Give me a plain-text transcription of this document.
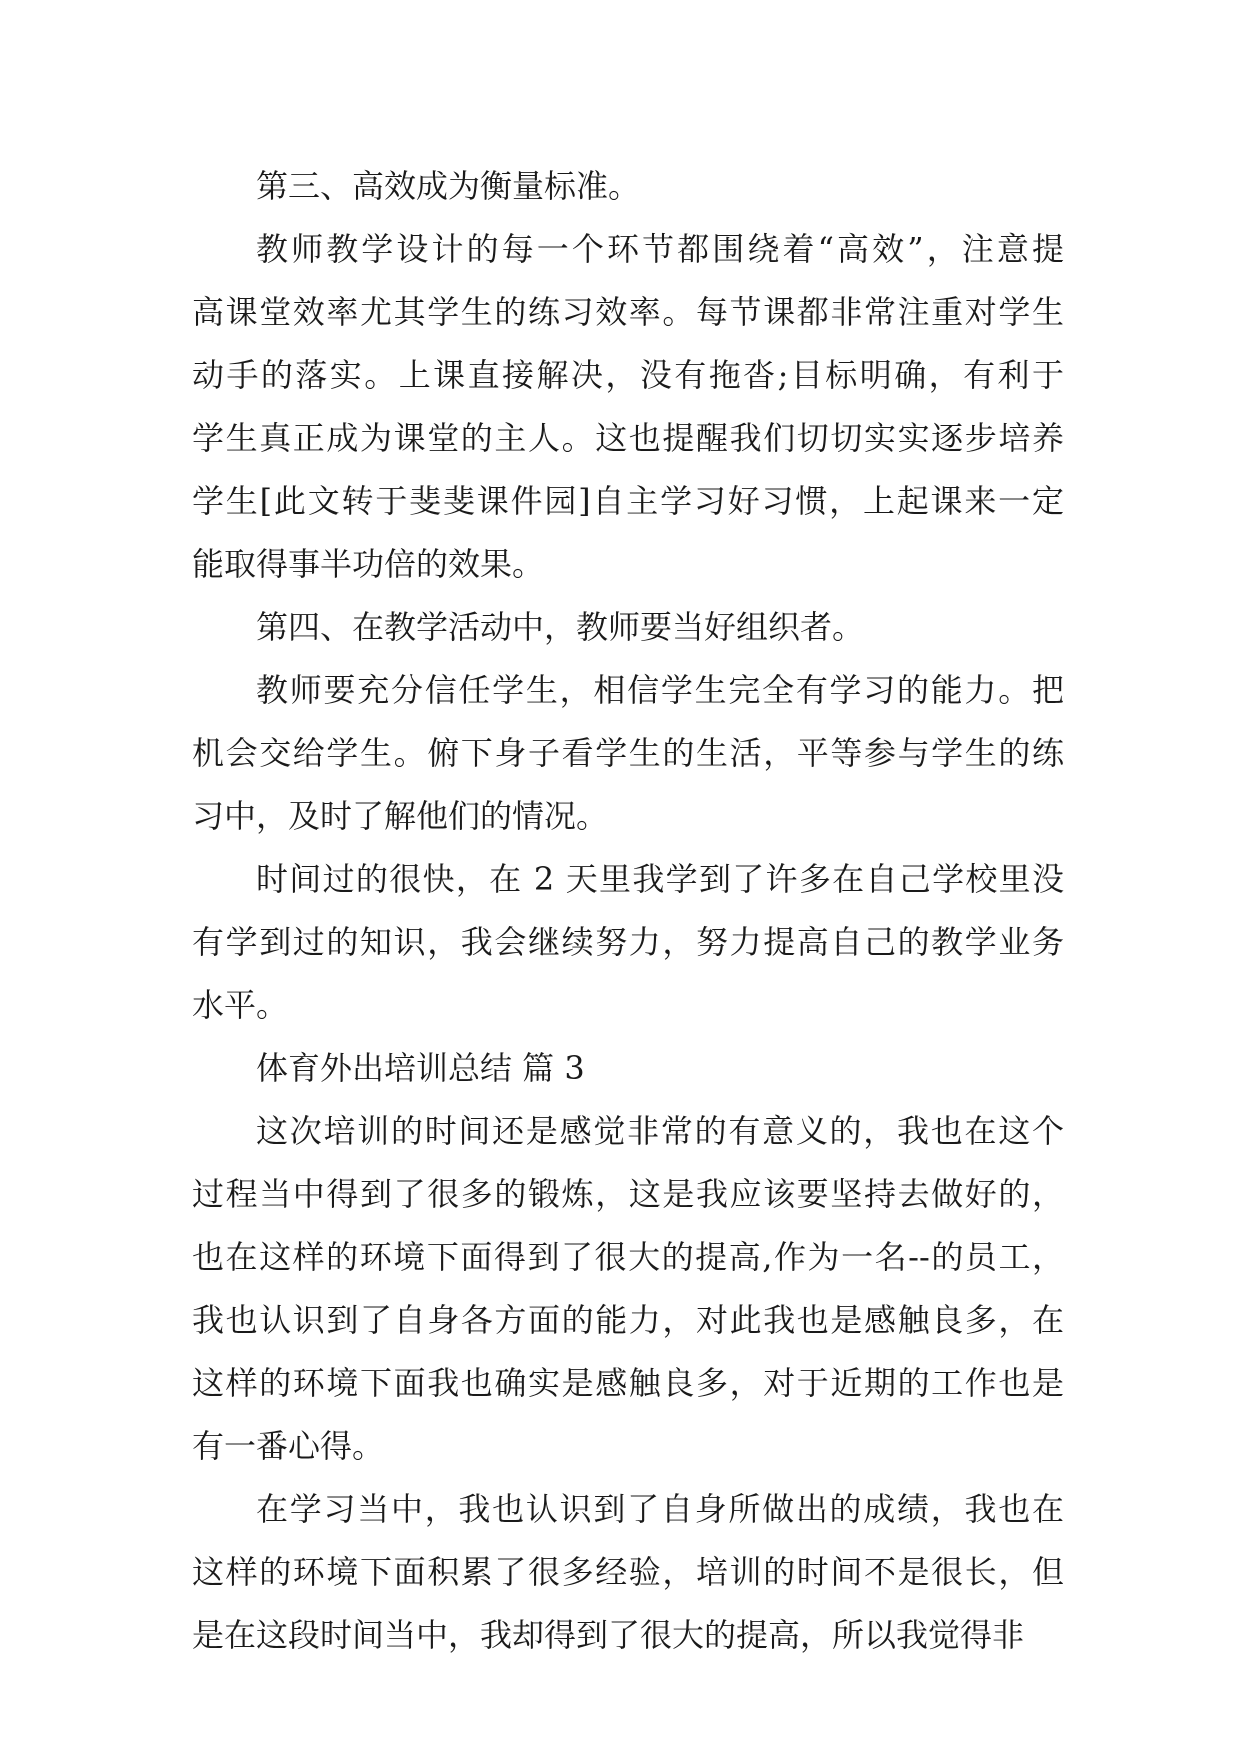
第三、高效成为衡量标准。
教师教学设计的每一个环节都围绕着“高效”，注意提
高课堂效率尤其学生的练习效率。每节课都非常注重对学生
动手的落实。上课直接解决，没有拖沓;目标明确，有利于
学生真正成为课堂的主人。这也提醒我们切切实实逐步培养
学生[此文转于斐斐课件园]自主学习好习惯，上起课来一定
能取得事半功倍的效果。
第四、在教学活动中，教师要当好组织者。
教师要充分信任学生，相信学生完全有学习的能力。把
机会交给学生。俯下身子看学生的生活，平等参与学生的练
习中，及时了解他们的情况。
时间过的很快，在 2 天里我学到了许多在自己学校里没
有学到过的知识，我会继续努力，努力提高自己的教学业务
水平。
体育外出培训总结 篇 3
这次培训的时间还是感觉非常的有意义的，我也在这个
过程当中得到了很多的锻炼，这是我应该要坚持去做好的，
也在这样的环境下面得到了很大的提高,作为一名--的员工，
我也认识到了自身各方面的能力，对此我也是感触良多，在
这样的环境下面我也确实是感触良多，对于近期的工作也是
有一番心得。
在学习当中，我也认识到了自身所做出的成绩，我也在
这样的环境下面积累了很多经验，培训的时间不是很长，但
是在这段时间当中，我却得到了很大的提高，所以我觉得非
